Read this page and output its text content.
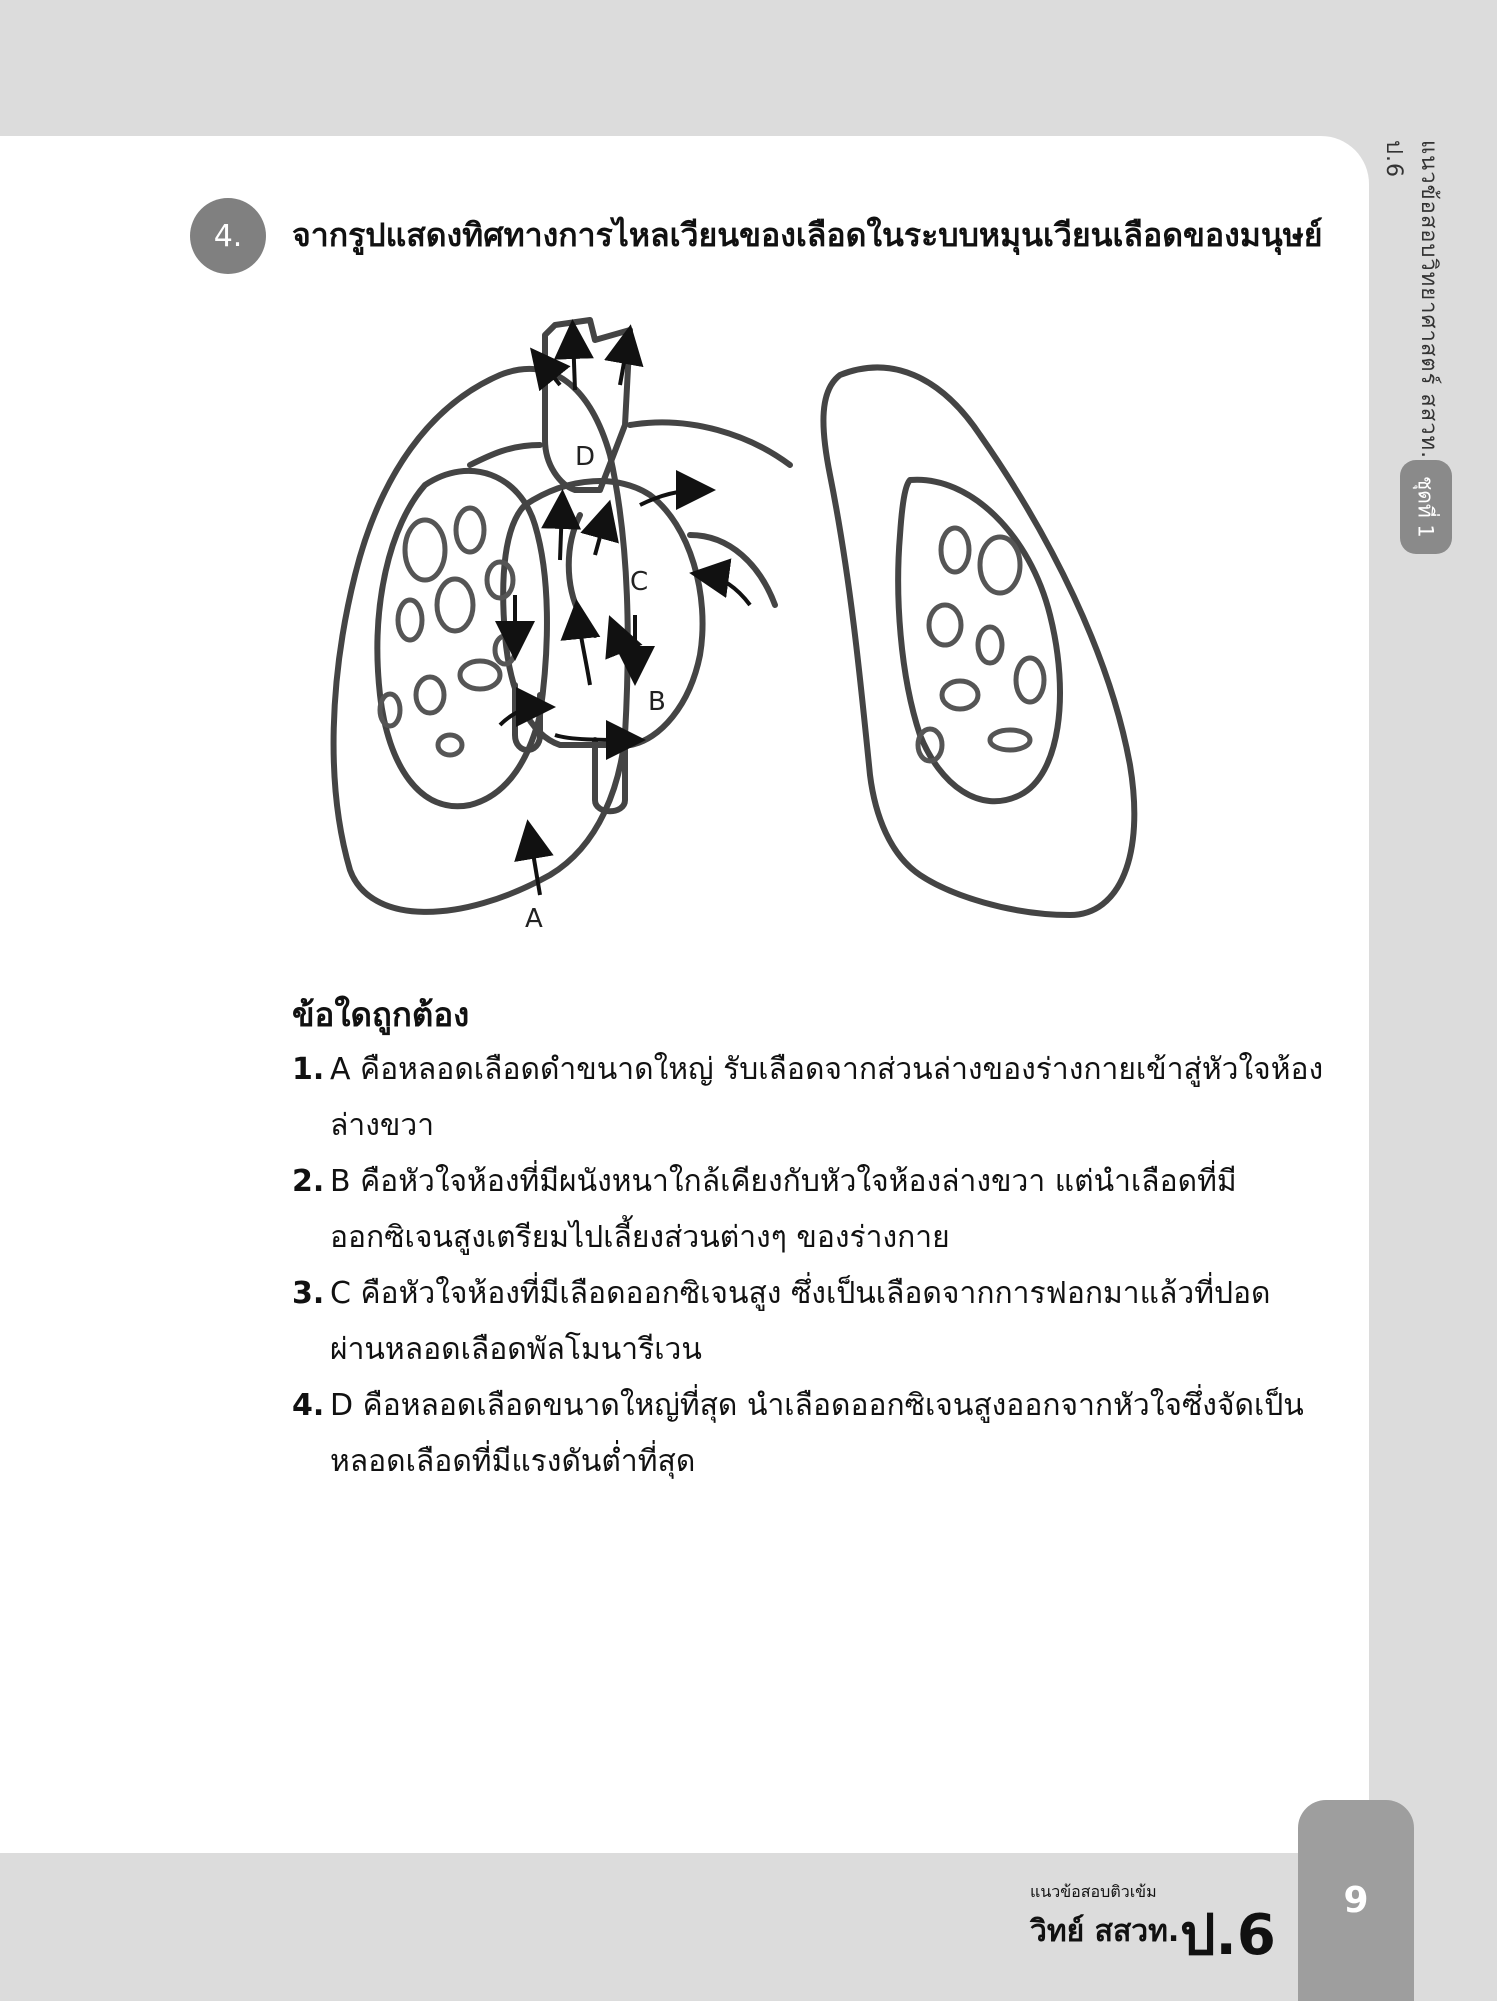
แนวข้อสอบวิทยาศาสตร์ สสวท. ป.6
ชุดที่ 1
4.	จากรูปแสดงทิศทางการไหลเวียนของเลือดในระบบหมุนเวียนเลือดของมนุษย์
D
C
B
A
ข้อใดถูกต้อง
1. A คือหลอดเลือดดำขนาดใหญ่ รับเลือดจากส่วนล่างของร่างกายเข้าสู่หัวใจห้องล่างขวา
2. B คือหัวใจห้องที่มีผนังหนาใกล้เคียงกับหัวใจห้องล่างขวา แต่นำเลือดที่มีออกซิเจนสูงเตรียมไปเลี้ยงส่วนต่างๆ ของร่างกาย
3. C คือหัวใจห้องที่มีเลือดออกซิเจนสูง ซึ่งเป็นเลือดจากการฟอกมาแล้วที่ปอดผ่านหลอดเลือดพัลโมนารีเวน
4. D คือหลอดเลือดขนาดใหญ่ที่สุด นำเลือดออกซิเจนสูงออกจากหัวใจซึ่งจัดเป็นหลอดเลือดที่มีแรงดันต่ำที่สุด
แนวข้อสอบติวเข้ม
วิทย์ สสวท. ป.6
9
